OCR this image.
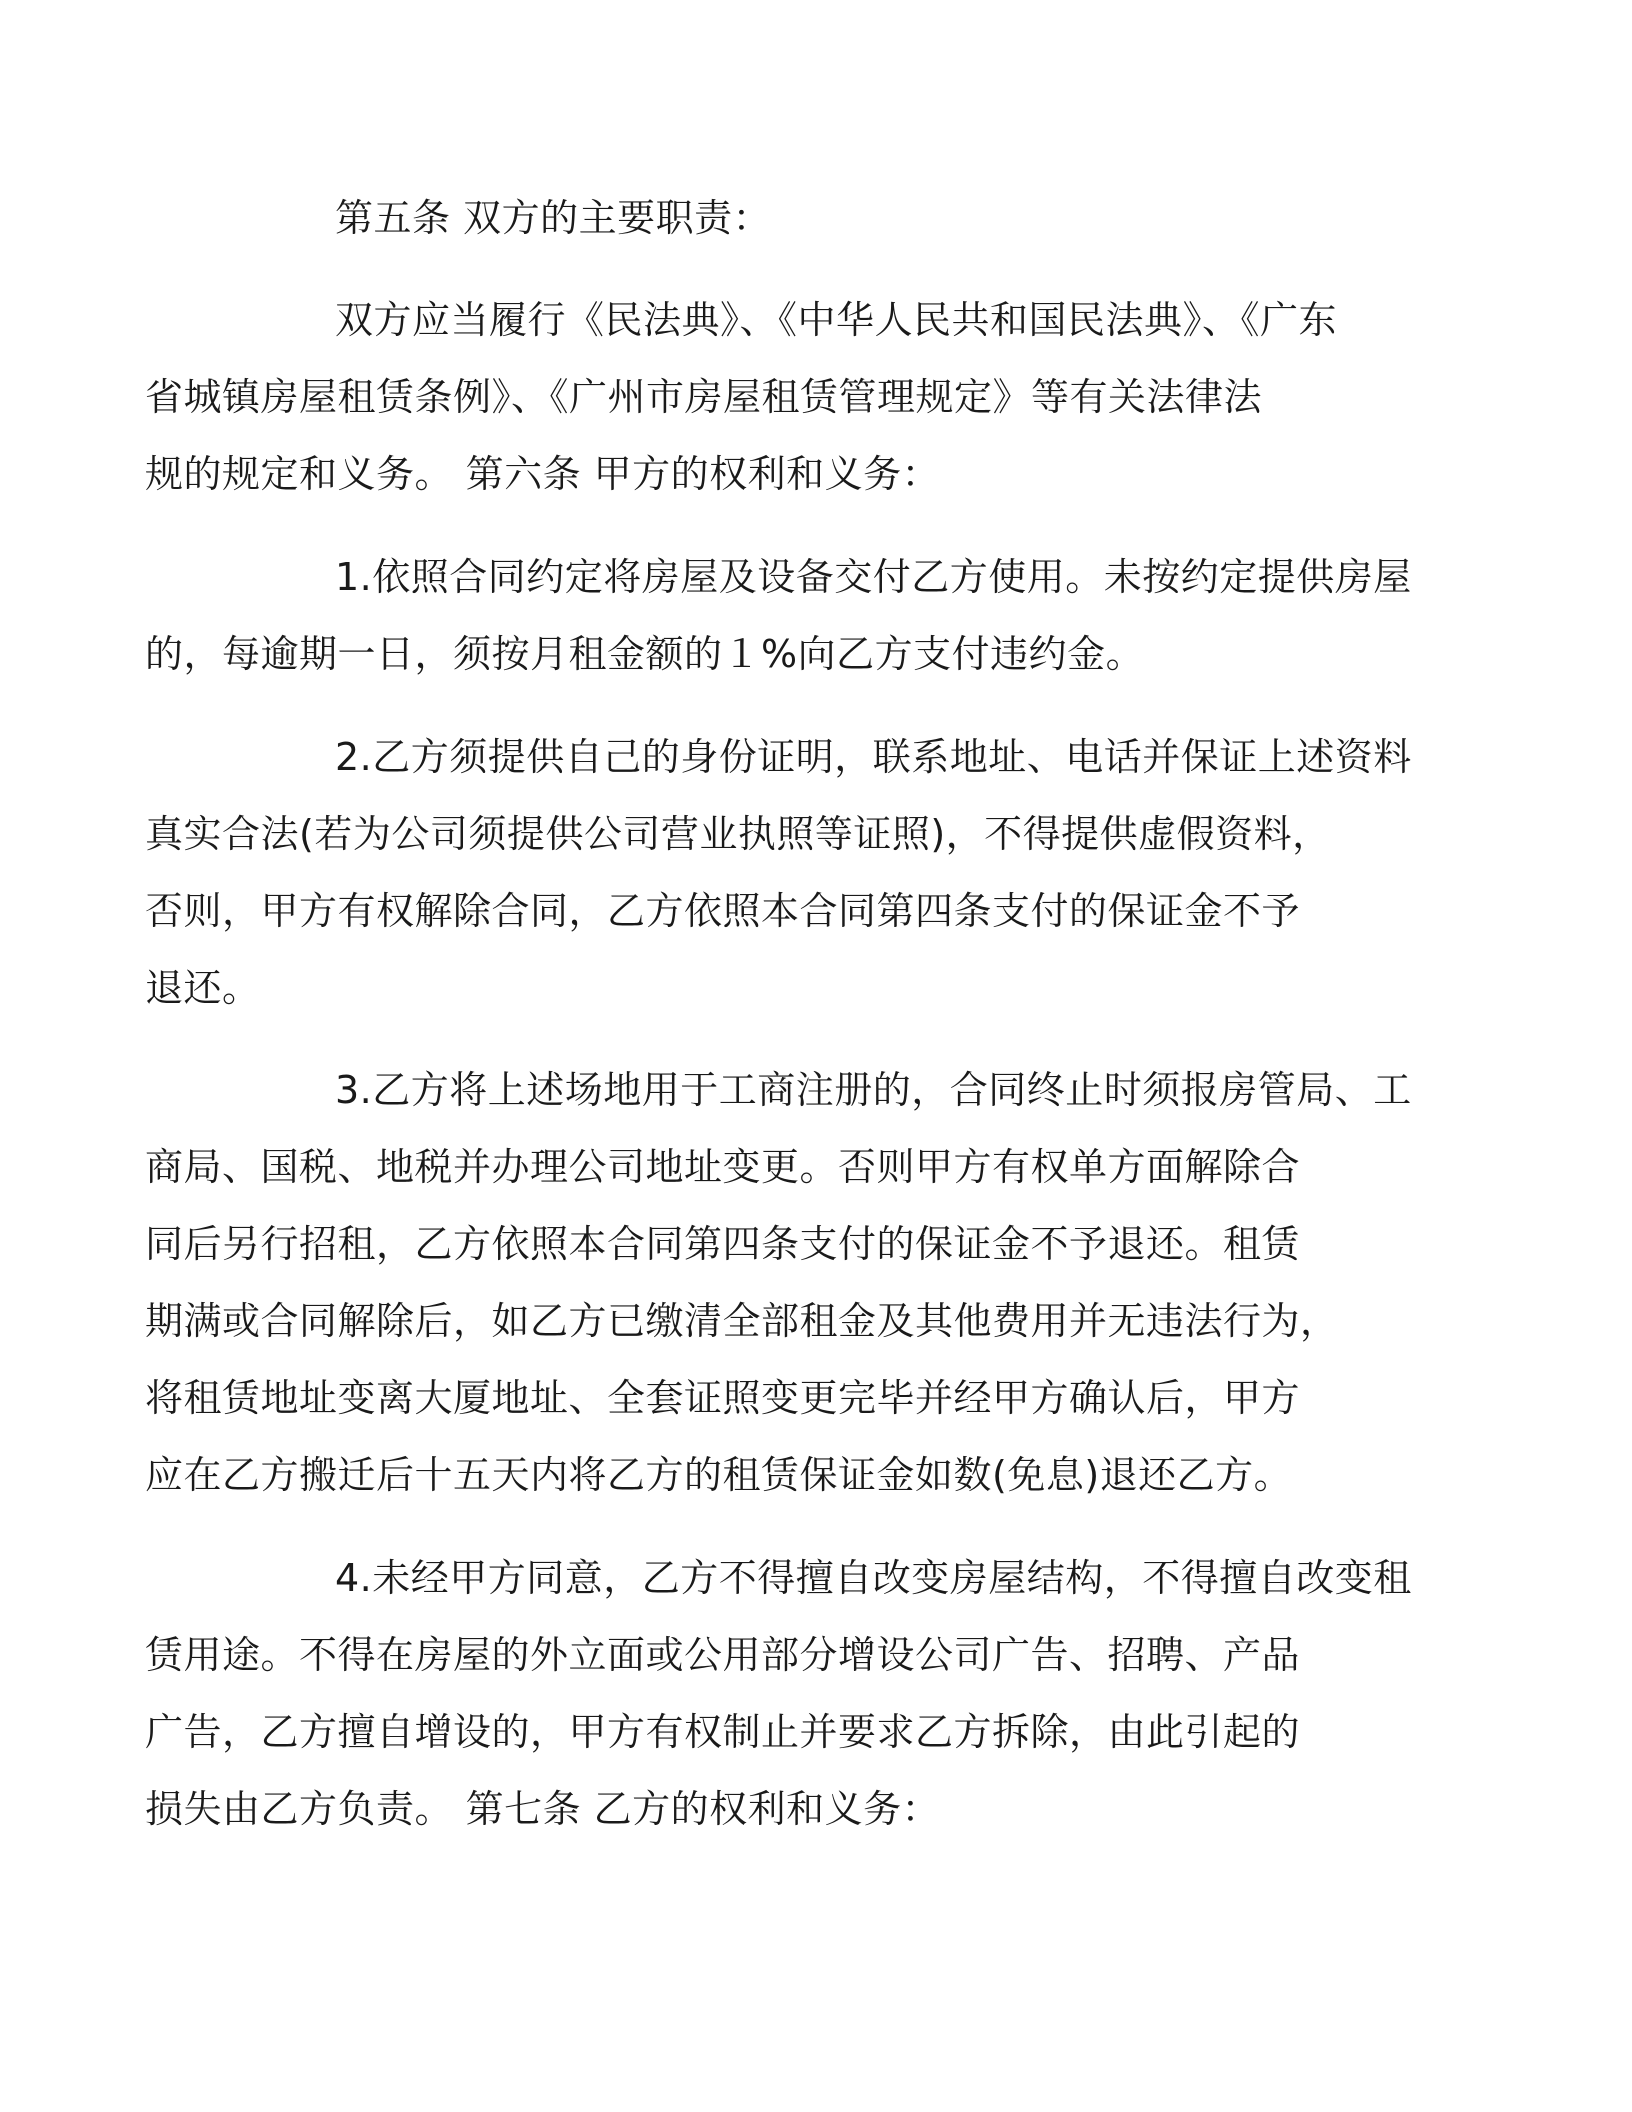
第五条 双方的主要职责：
双方应当履行《民法典》、《中华人民共和国民法典》、《广东
省城镇房屋租赁条例》、《广州市房屋租赁管理规定》等有关法律法
规的规定和义务。 第六条 甲方的权利和义务：
1.依照合同约定将房屋及设备交付乙方使用。未按约定提供房屋
的，每逾期一日，须按月租金额的１%向乙方支付违约金。
2.乙方须提供自己的身份证明，联系地址、电话并保证上述资料
真实合法(若为公司须提供公司营业执照等证照)，不得提供虚假资料，
否则，甲方有权解除合同，乙方依照本合同第四条支付的保证金不予
退还。
3.乙方将上述场地用于工商注册的，合同终止时须报房管局、工
商局、国税、地税并办理公司地址变更。否则甲方有权单方面解除合
同后另行招租，乙方依照本合同第四条支付的保证金不予退还。租赁
期满或合同解除后，如乙方已缴清全部租金及其他费用并无违法行为，
将租赁地址变离大厦地址、全套证照变更完毕并经甲方确认后，甲方
应在乙方搬迁后十五天内将乙方的租赁保证金如数(免息)退还乙方。
4.未经甲方同意，乙方不得擅自改变房屋结构，不得擅自改变租
赁用途。不得在房屋的外立面或公用部分增设公司广告、招聘、产品
广告，乙方擅自增设的，甲方有权制止并要求乙方拆除，由此引起的
损失由乙方负责。 第七条 乙方的权利和义务：
